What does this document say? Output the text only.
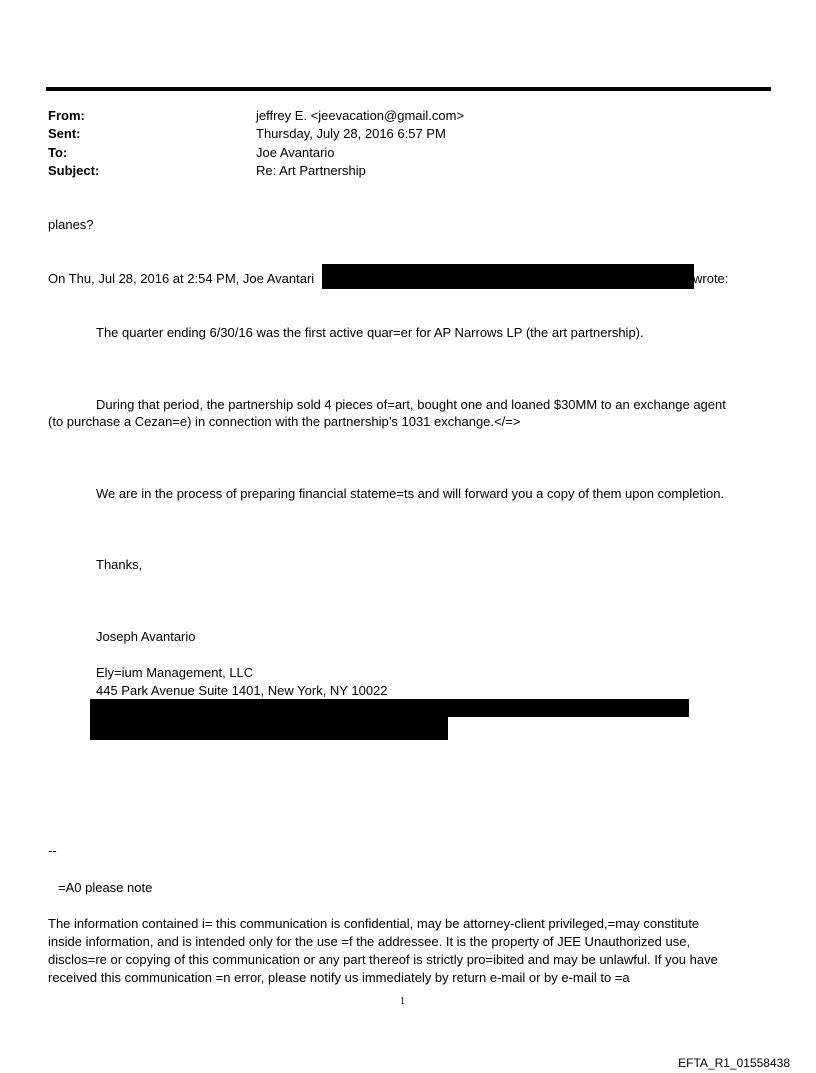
From:	jeffrey E. <jeevacation@gmail.com>
Sent:	Thursday, July 28, 2016 6:57 PM
To:	Joe Avantario
Subject:	Re: Art Partnership
planes?
On Thu, Jul 28, 2016 at 2:54 PM, Joe Avantari	wrote:
The quarter ending 6/30/16 was the first active quar=er for AP Narrows LP (the art partnership).
During that period, the partnership sold 4 pieces of=art, bought one and loaned $30MM to an exchange agent
(to purchase a Cezan=e) in connection with the partnership’s 1031 exchange.</=>
We are in the process of preparing financial stateme=ts and will forward you a copy of them upon completion.
Thanks,
Joseph Avantario
Ely=ium Management, LLC
445 Park Avenue Suite 1401, New York, NY 10022
--
=A0 please note
The information contained i= this communication is confidential, may be attorney-client privileged,=may constitute
inside information, and is intended only for the use =f the addressee. It is the property of JEE Unauthorized use,
disclos=re or copying of this communication or any part thereof is strictly pro=ibited and may be unlawful. If you have
received this communication =n error, please notify us immediately by return e-mail or by e-mail to =a
1
EFTA_R1_01558438
